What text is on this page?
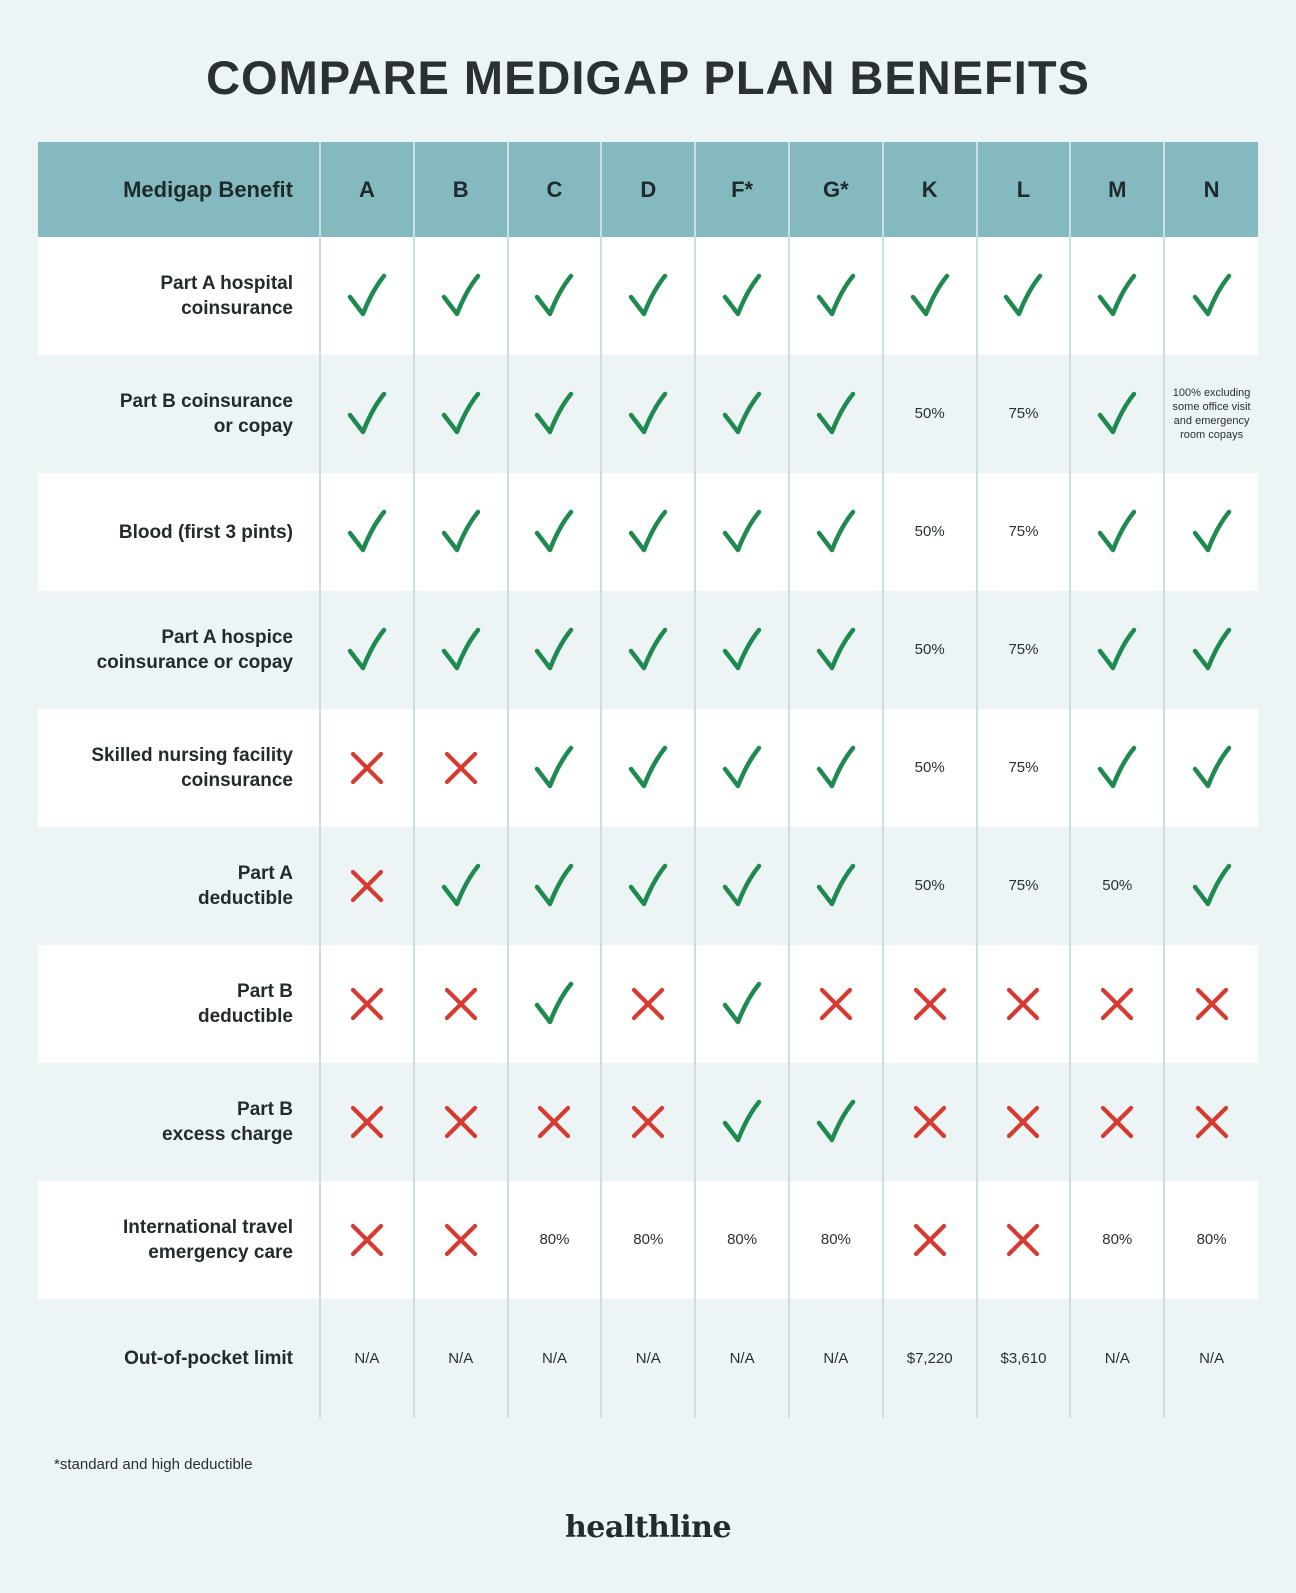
COMPARE MEDIGAP PLAN BENEFITS
Medigap Benefit	A	B	C	D	F*	G*	K	L	M	N
Part A hospital
coinsurance	

Part B coinsurance
or copay							50%	75%		100% excluding some office visit and emergency room copays
Blood (first 3 pints)							50%	75%	

Part A hospice
coinsurance or copay							50%	75%	

Skilled nursing facility
coinsurance							50%	75%	

Part A
deductible							50%	75%	50%	

Part B
deductible	

Part B
excess charge	

International travel
emergency care			80%	80%	80%	80%			80%	80%
Out-of-pocket limit	N/A	N/A	N/A	N/A	N/A	N/A	$7,220	$3,610	N/A	N/A
*standard and high deductible
healthline
